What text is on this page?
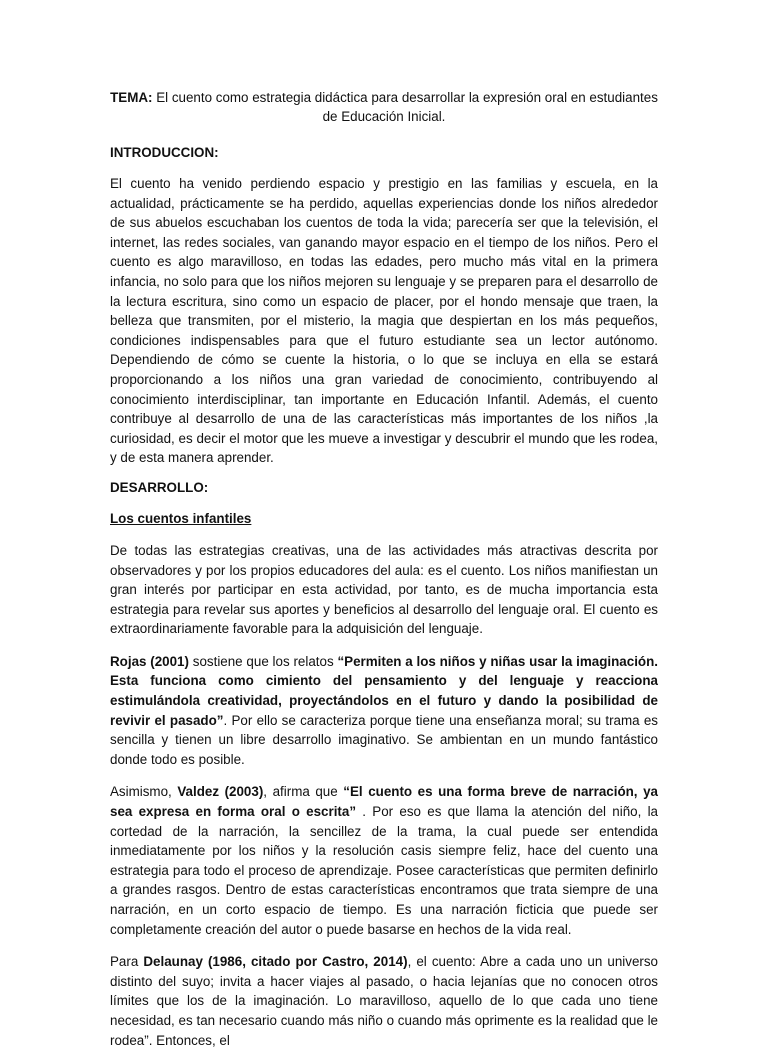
TEMA: El cuento como estrategia didáctica para desarrollar la expresión oral en estudiantes de Educación Inicial.

INTRODUCCION:

El cuento ha venido perdiendo espacio y prestigio en las familias y escuela, en la actualidad, prácticamente se ha perdido, aquellas experiencias donde los niños alrededor de sus abuelos escuchaban los cuentos de toda la vida; parecería ser que la televisión, el internet, las redes sociales, van ganando mayor espacio en el tiempo de los niños. Pero el cuento es algo maravilloso, en todas las edades, pero mucho más vital en la primera infancia, no solo para que los niños mejoren su lenguaje y se preparen para el desarrollo de la lectura escritura, sino como un espacio de placer, por el hondo mensaje que traen, la belleza que transmiten, por el misterio, la magia que despiertan en los más pequeños, condiciones indispensables para que el futuro estudiante sea un lector autónomo. Dependiendo de cómo se cuente la historia, o lo que se incluya en ella se estará proporcionando a los niños una gran variedad de conocimiento, contribuyendo al conocimiento interdisciplinar, tan importante en Educación Infantil. Además, el cuento contribuye al desarrollo de una de las características más importantes de los niños ,la curiosidad, es decir el motor que les mueve a investigar y descubrir el mundo que les rodea, y de esta manera aprender.

DESARROLLO:

Los cuentos infantiles

De todas las estrategias creativas, una de las actividades más atractivas descrita por observadores y por los propios educadores del aula: es el cuento. Los niños manifiestan un gran interés por participar en esta actividad, por tanto, es de mucha importancia esta estrategia para revelar sus aportes y beneficios al desarrollo del lenguaje oral. El cuento es extraordinariamente favorable para la adquisición del lenguaje.

Rojas (2001) sostiene que los relatos “Permiten a los niños y niñas usar la imaginación. Esta funciona como cimiento del pensamiento y del lenguaje y reacciona estimulándola creatividad, proyectándolos en el futuro y dando la posibilidad de revivir el pasado”. Por ello se caracteriza porque tiene una enseñanza moral; su trama es sencilla y tienen un libre desarrollo imaginativo. Se ambientan en un mundo fantástico donde todo es posible.

Asimismo, Valdez (2003), afirma que “El cuento es una forma breve de narración, ya sea expresa en forma oral o escrita” . Por eso es que llama la atención del niño, la cortedad de la narración, la sencillez de la trama, la cual puede ser entendida inmediatamente por los niños y la resolución casis siempre feliz, hace del cuento una estrategia para todo el proceso de aprendizaje. Posee características que permiten definirlo a grandes rasgos. Dentro de estas características encontramos que trata siempre de una narración, en un corto espacio de tiempo. Es una narración ficticia que puede ser completamente creación del autor o puede basarse en hechos de la vida real.

Para Delaunay (1986, citado por Castro, 2014), el cuento: Abre a cada uno un universo distinto del suyo; invita a hacer viajes al pasado, o hacia lejanías que no conocen otros límites que los de la imaginación. Lo maravilloso, aquello de lo que cada uno tiene necesidad, es tan necesario cuando más niño o cuando más oprimente es la realidad que le rodea”. Entonces, el
